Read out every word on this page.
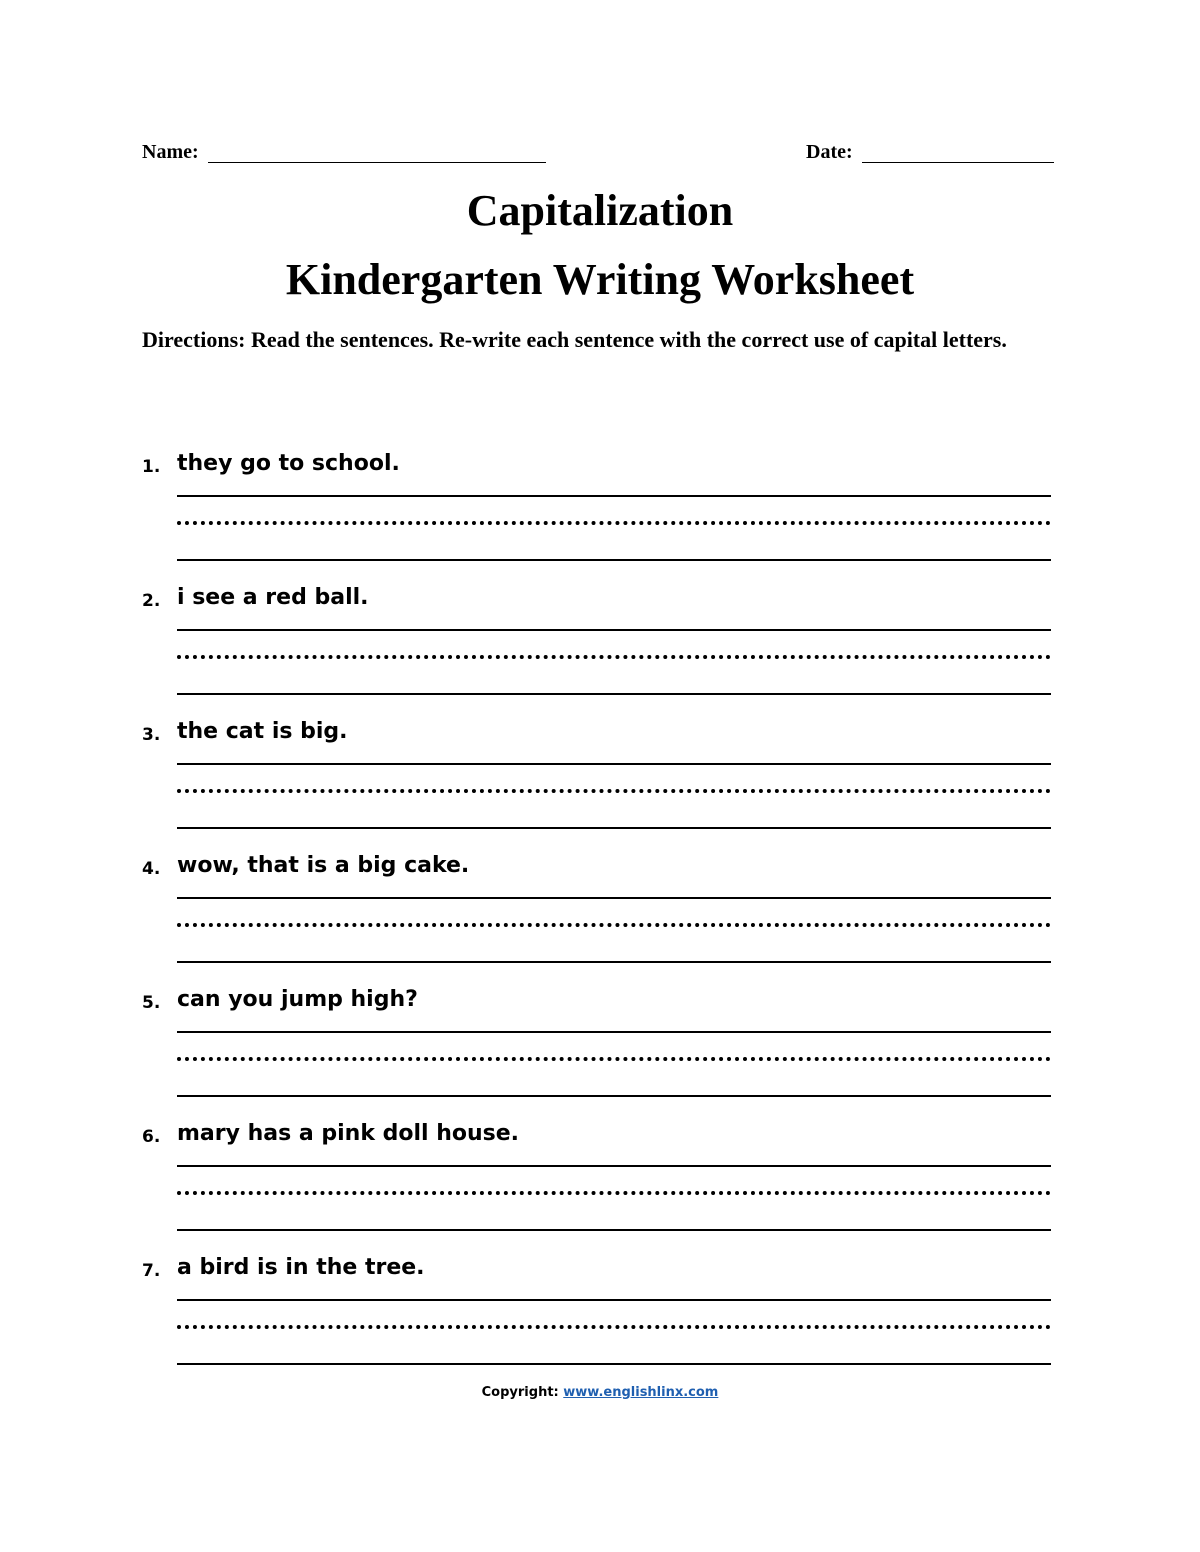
Name:	Date:
Capitalization
Kindergarten Writing Worksheet
Directions: Read the sentences. Re-write each sentence with the correct use of capital letters.
1. they go to school.
2. i see a red ball.
3. the cat is big.
4. wow, that is a big cake.
5. can you jump high?
6. mary has a pink doll house.
7. a bird is in the tree.
Copyright: www.englishlinx.com
